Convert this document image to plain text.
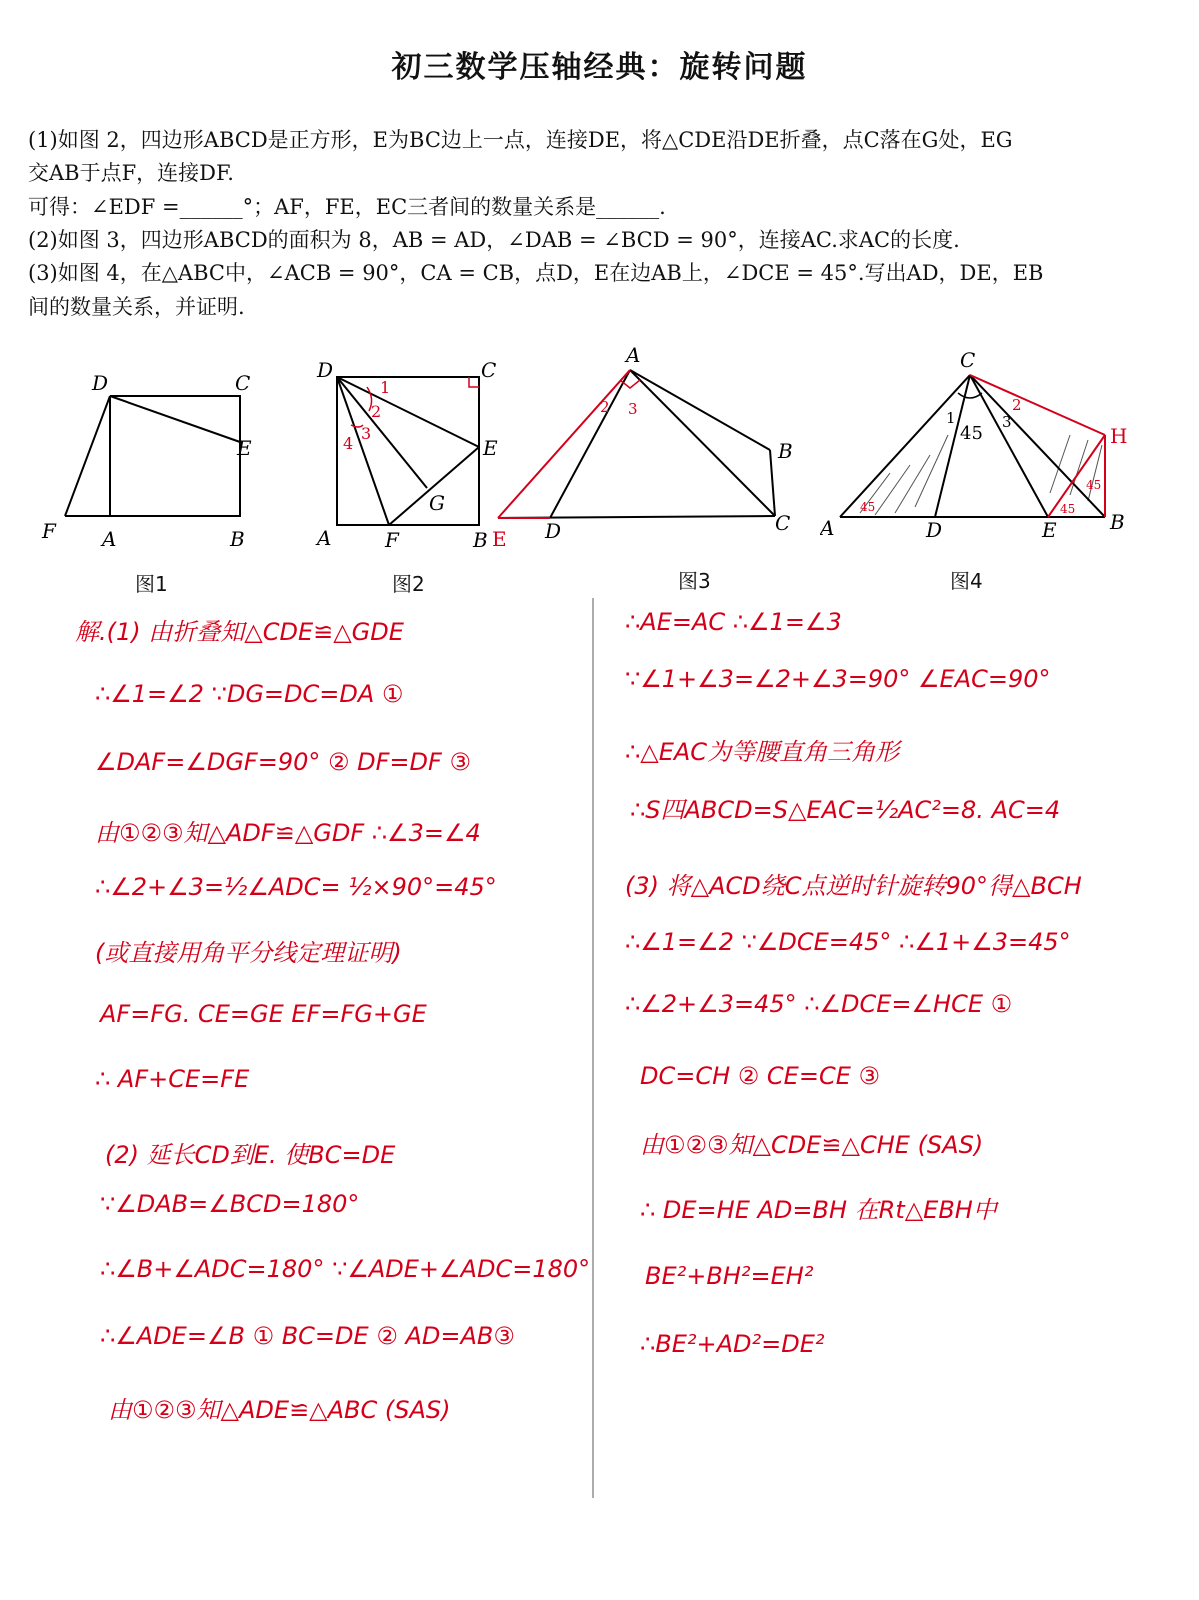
初三数学压轴经典：旋转问题
(1)如图 2，四边形ABCD是正方形，E为BC边上一点，连接DE，将△CDE沿DE折叠，点C落在G处，EG
交AB于点F，连接DF.
可得：∠EDF =______°；AF，FE，EC三者间的数量关系是______.
(2)如图 3，四边形ABCD的面积为 8，AB = AD，∠DAB = ∠BCD = 90°，连接AC.求AC的长度.
(3)如图 4，在△ABC中，∠ACB = 90°，CA = CB，点D，E在边AB上，∠DCE = 45°.写出AD，DE，EB
间的数量关系，并证明.
D	C
E
F A	B
图1
D	C
E
G
A	F	B
1
2
3
4
图2
A
B
C
D
E
2 3
图3
C
H
A	D	E	B
1
2
3
45
45	45
45
图4
解.(1) 由折叠知△CDE≌△GDE
∴∠1=∠2 ∵DG=DC=DA ①
∠DAF=∠DGF=90° ② DF=DF ③
由①②③知△ADF≌△GDF ∴∠3=∠4
∴∠2+∠3=½∠ADC= ½×90°=45°
(或直接用角平分线定理证明)
AF=FG. CE=GE EF=FG+GE
∴ AF+CE=FE
(2) 延长CD到E. 使BC=DE
∵∠DAB=∠BCD=180°
∴∠B+∠ADC=180° ∵∠ADE+∠ADC=180°
∴∠ADE=∠B ① BC=DE ② AD=AB③
由①②③知△ADE≌△ABC (SAS)
∴AE=AC ∴∠1=∠3
∵∠1+∠3=∠2+∠3=90° ∠EAC=90°
∴△EAC为等腰直角三角形
∴S四ABCD=S△EAC=½AC²=8. AC=4
(3) 将△ACD绕C点逆时针旋转90°得△BCH
∴∠1=∠2 ∵∠DCE=45° ∴∠1+∠3=45°
∴∠2+∠3=45° ∴∠DCE=∠HCE ①
DC=CH ② CE=CE ③
由①②③知△CDE≌△CHE (SAS)
∴ DE=HE AD=BH 在Rt△EBH中
BE²+BH²=EH²
∴BE²+AD²=DE²
